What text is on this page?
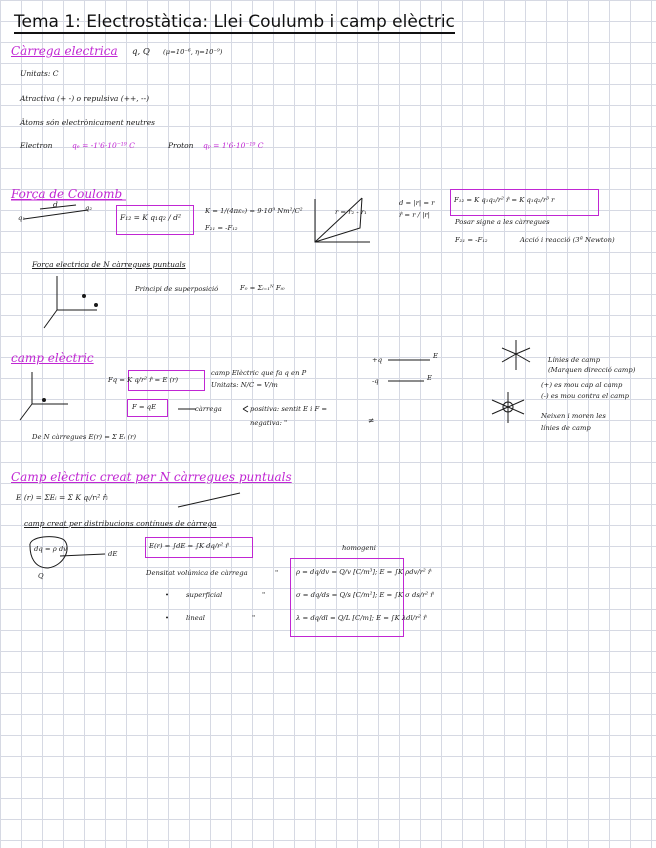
Tema 1: Electrostàtica: Llei Coulumb i camp elèctric
Càrrega electrica q, Q (μ=10⁻⁶, η=10⁻⁹)
Unitats: C
Atractiva (+ -) o repulsiva (++, --)
Àtoms són electrònicament neutres
Electron	qₑ = -1'6·10⁻¹⁹ C	Proton qₚ = 1'6·10⁻¹⁹ C
Força de Coulomb
d
q₁
q₂
F₁₂ = K q₁q₂ / d²
K = 1/(4πε₀) = 9·10⁹ Nm²/C²
F₂₁ = -F₁₂
r = r₂ - r₁
d = |r| = r
r̂ = r / |r|
F₁₂ = K q₁q₂/r² r̂ = K q₁q₂/r³ r
Posar signe a les càrregues
F₂₁ = -F₁₂	Acció i reacció (3ª Newton)
Força electrica de N càrregues puntuals
Principi de superposició	F₀ = Σᵢ₌₁ᴺ Fᵢ₀
camp elèctric
Fq = K q/r² r̂ = E (r)
camp Elèctric que fa q en P
Unitats: N/C = V/m
F = qE	càrrega	positiva: sentit E i F =
negativa: "	≠
De N càrregues E(r) = Σ Eᵢ (r)
+q
-q
E
E
Línies de camp
(Marquen direcció camp)
(+) es mou cap al camp
(-) es mou contra el camp
Neixen i moren les
línies de camp
Camp elèctric creat per N càrregues puntuals
E (r) = ΣEᵢ = Σ K qᵢ/rᵢ² r̂ᵢ
camp creat per distribucions contínues de càrrega
dq = ρ dv
Q
dE
E(r) = ∫dE = ∫K dq/r² r̂	homogeni
Densitat volúmica de càrrega	"	ρ = dq/dv = Q/v [C/m³]; E = ∫K ρdv/r² r̂
• superficial	"	σ = dq/ds = Q/s [C/m²]; E = ∫K σ ds/r² r̂
• lineal	"	λ = dq/dl = Q/L [C/m]; E = ∫K λdl/r² r̂
